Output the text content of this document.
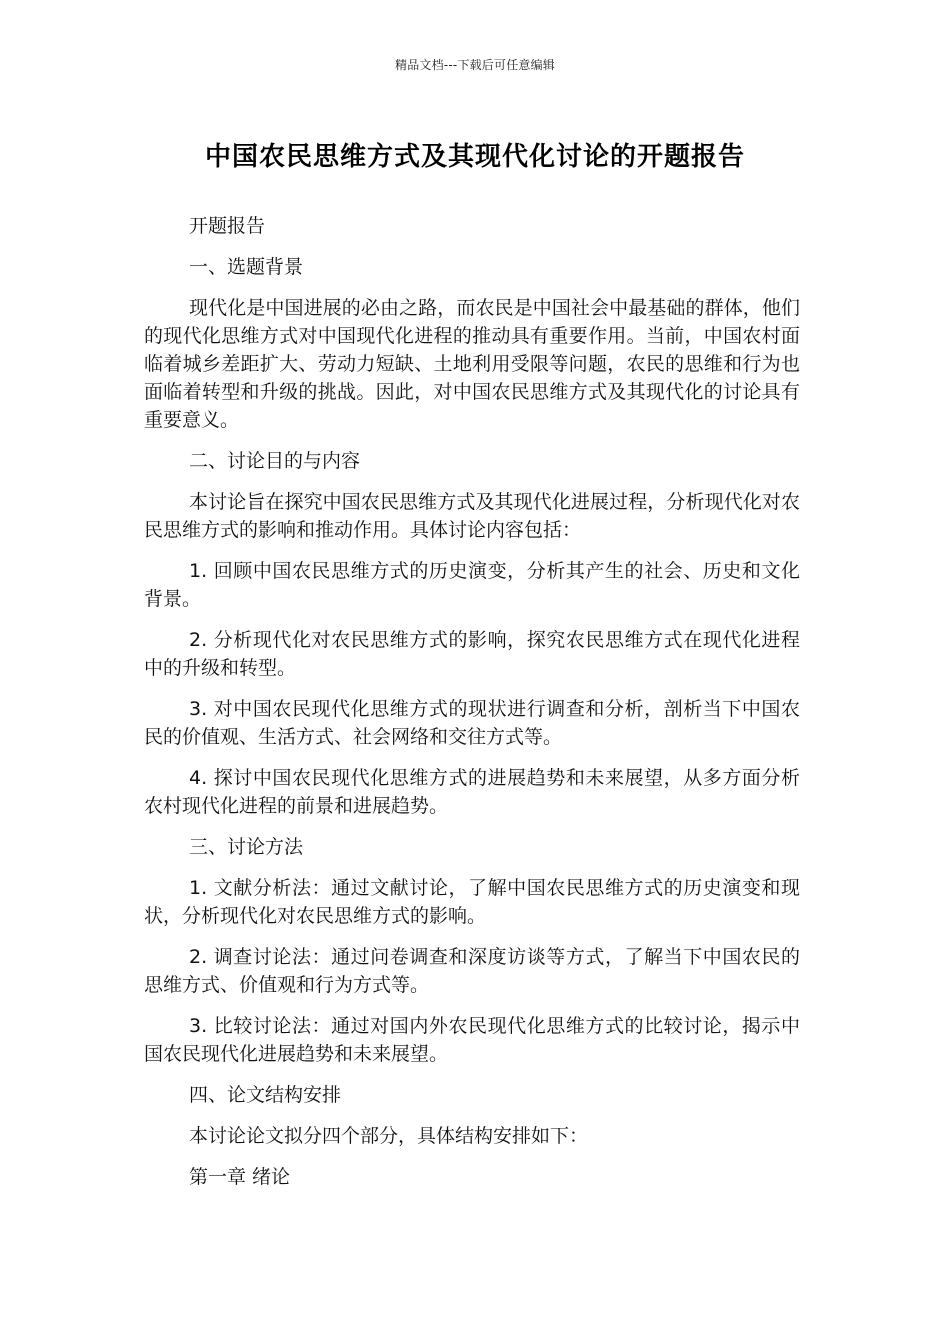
精品文档---下载后可任意编辑
中国农民思维方式及其现代化讨论的开题报告

开题报告

一、选题背景

现代化是中国进展的必由之路，而农民是中国社会中最基础的群体，他们的现代化思维方式对中国现代化进程的推动具有重要作用。当前，中国农村面临着城乡差距扩大、劳动力短缺、土地利用受限等问题，农民的思维和行为也面临着转型和升级的挑战。因此，对中国农民思维方式及其现代化的讨论具有重要意义。

二、讨论目的与内容

本讨论旨在探究中国农民思维方式及其现代化进展过程，分析现代化对农民思维方式的影响和推动作用。具体讨论内容包括：

1. 回顾中国农民思维方式的历史演变，分析其产生的社会、历史和文化背景。

2. 分析现代化对农民思维方式的影响，探究农民思维方式在现代化进程中的升级和转型。

3. 对中国农民现代化思维方式的现状进行调查和分析，剖析当下中国农民的价值观、生活方式、社会网络和交往方式等。

4. 探讨中国农民现代化思维方式的进展趋势和未来展望，从多方面分析农村现代化进程的前景和进展趋势。

三、讨论方法

1. 文献分析法：通过文献讨论，了解中国农民思维方式的历史演变和现状，分析现代化对农民思维方式的影响。

2. 调查讨论法：通过问卷调查和深度访谈等方式，了解当下中国农民的思维方式、价值观和行为方式等。

3. 比较讨论法：通过对国内外农民现代化思维方式的比较讨论，揭示中国农民现代化进展趋势和未来展望。

四、论文结构安排

本讨论论文拟分四个部分，具体结构安排如下：

第一章 绪论
